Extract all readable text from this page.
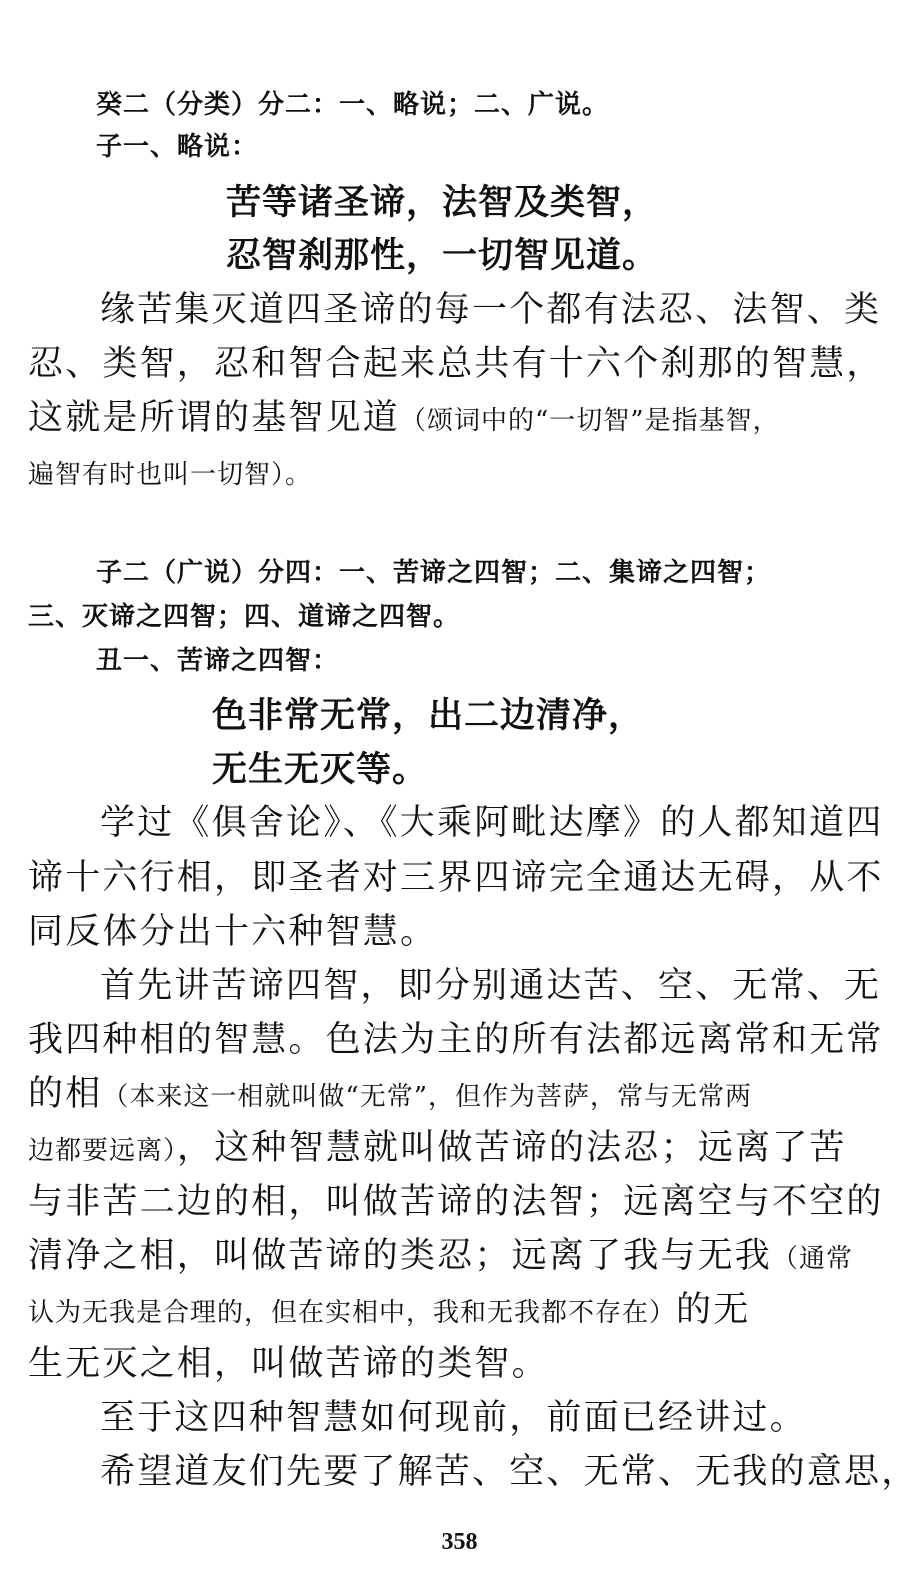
癸二（分类）分二：一、略说；二、广说。
子一、略说：
苦等诸圣谛，法智及类智，
忍智刹那性，一切智见道。
缘苦集灭道四圣谛的每一个都有法忍、法智、类
忍、类智，忍和智合起来总共有十六个刹那的智慧，
这就是所谓的基智见道（颂词中的“一切智”是指基智，
遍智有时也叫一切智）。
子二（广说）分四：一、苦谛之四智；二、集谛之四智；
三、灭谛之四智；四、道谛之四智。
丑一、苦谛之四智：
色非常无常，出二边清净，
无生无灭等。
学过《俱舍论》、《大乘阿毗达摩》的人都知道四
谛十六行相，即圣者对三界四谛完全通达无碍，从不
同反体分出十六种智慧。
首先讲苦谛四智，即分别通达苦、空、无常、无
我四种相的智慧。色法为主的所有法都远离常和无常
的相（本来这一相就叫做“无常”，但作为菩萨，常与无常两
边都要远离），这种智慧就叫做苦谛的法忍；远离了苦
与非苦二边的相，叫做苦谛的法智；远离空与不空的
清净之相，叫做苦谛的类忍；远离了我与无我（通常
认为无我是合理的，但在实相中，我和无我都不存在）的无
生无灭之相，叫做苦谛的类智。
至于这四种智慧如何现前，前面已经讲过。
希望道友们先要了解苦、空、无常、无我的意思，
358
